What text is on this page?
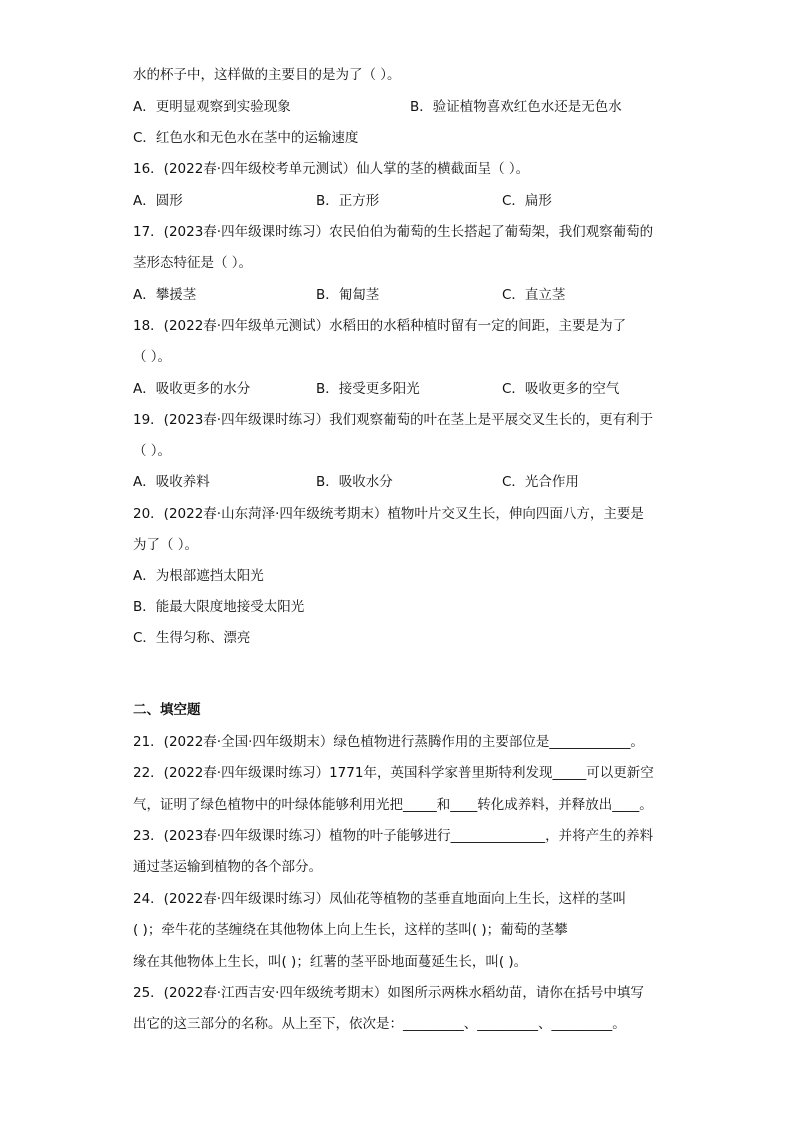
水的杯子中，这样做的主要目的是为了（ ）。
A．更明显观察到实验现象	B．验证植物喜欢红色水还是无色水
C．红色水和无色水在茎中的运输速度
16．(2022春·四年级校考单元测试）仙人掌的茎的横截面呈（ ）。
A．圆形	B．正方形	C．扁形
17．(2023春·四年级课时练习）农民伯伯为葡萄的生长搭起了葡萄架，我们观察葡萄的
茎形态特征是（ ）。
A．攀援茎	B．匍匐茎	C．直立茎
18．(2022春·四年级单元测试）水稻田的水稻种植时留有一定的间距，主要是为了
（ ）。
A．吸收更多的水分	B．接受更多阳光	C．吸收更多的空气
19．(2023春·四年级课时练习）我们观察葡萄的叶在茎上是平展交叉生长的，更有利于
（ ）。
A．吸收养料	B．吸收水分	C．光合作用
20．(2022春·山东菏泽·四年级统考期末）植物叶片交叉生长，伸向四面八方，主要是
为了（ ）。
A．为根部遮挡太阳光
B．能最大限度地接受太阳光
C．生得匀称、漂亮
二、填空题
21．(2022春·全国·四年级期末）绿色植物进行蒸腾作用的主要部位是____________。
22．(2022春·四年级课时练习）1771年，英国科学家普里斯特利发现_____可以更新空
气，证明了绿色植物中的叶绿体能够利用光把_____和____转化成养料，并释放出____。
23．(2023春·四年级课时练习）植物的叶子能够进行______________，并将产生的养料
通过茎运输到植物的各个部分。
24．(2022春·四年级课时练习）凤仙花等植物的茎垂直地面向上生长，这样的茎叫
( )；牵牛花的茎缠绕在其他物体上向上生长，这样的茎叫( )；葡萄的茎攀
缘在其他物体上生长，叫( )；红薯的茎平卧地面蔓延生长，叫( )。
25．(2022春·江西吉安·四年级统考期末）如图所示两株水稻幼苗，请你在括号中填写
出它的这三部分的名称。从上至下，依次是：_________、_________、_________。
